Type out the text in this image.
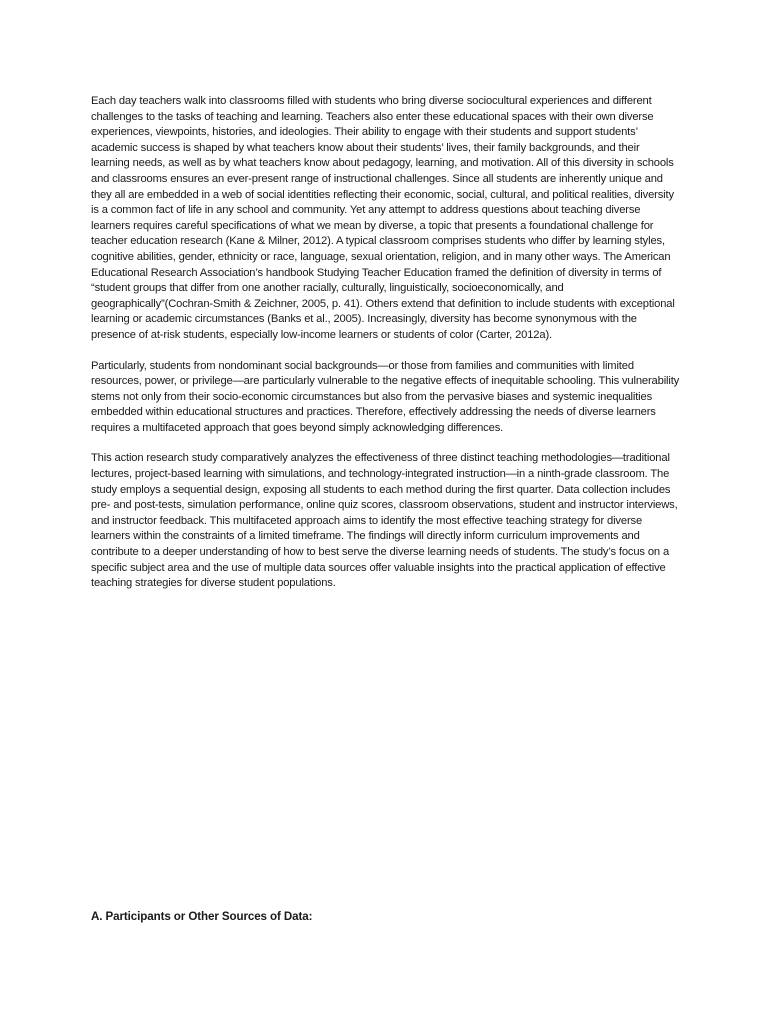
Each day teachers walk into classrooms filled with students who bring diverse sociocultural experiences and different challenges to the tasks of teaching and learning. Teachers also enter these educational spaces with their own diverse experiences, viewpoints, histories, and ideologies. Their ability to engage with their students and support students’ academic success is shaped by what teachers know about their students’ lives, their family backgrounds, and their learning needs, as well as by what teachers know about pedagogy, learning, and motivation. All of this diversity in schools and classrooms ensures an ever-present range of instructional challenges. Since all students are inherently unique and they all are embedded in a web of social identities reflecting their economic, social, cultural, and political realities, diversity is a common fact of life in any school and community. Yet any attempt to address questions about teaching diverse learners requires careful specifications of what we mean by diverse, a topic that presents a foundational challenge for teacher education research (Kane & Milner, 2012). A typical classroom comprises students who differ by learning styles, cognitive abilities, gender, ethnicity or race, language, sexual orientation, religion, and in many other ways. The American Educational Research Association’s handbook Studying Teacher Education framed the definition of diversity in terms of “student groups that differ from one another racially, culturally, linguistically, socioeconomically, and geographically”(Cochran-Smith & Zeichner, 2005, p. 41). Others extend that definition to include students with exceptional learning or academic circumstances (Banks et al., 2005). Increasingly, diversity has become synonymous with the presence of at-risk students, especially low-income learners or students of color (Carter, 2012a).

Particularly, students from nondominant social backgrounds—or those from families and communities with limited resources, power, or privilege—are particularly vulnerable to the negative effects of inequitable schooling. This vulnerability stems not only from their socio-economic circumstances but also from the pervasive biases and systemic inequalities embedded within educational structures and practices. Therefore, effectively addressing the needs of diverse learners requires a multifaceted approach that goes beyond simply acknowledging differences.

This action research study comparatively analyzes the effectiveness of three distinct teaching methodologies—traditional lectures, project-based learning with simulations, and technology-integrated instruction—in a ninth-grade classroom. The study employs a sequential design, exposing all students to each method during the first quarter. Data collection includes pre- and post-tests, simulation performance, online quiz scores, classroom observations, student and instructor interviews, and instructor feedback. This multifaceted approach aims to identify the most effective teaching strategy for diverse learners within the constraints of a limited timeframe. The findings will directly inform curriculum improvements and contribute to a deeper understanding of how to best serve the diverse learning needs of students. The study’s focus on a specific subject area and the use of multiple data sources offer valuable insights into the practical application of effective teaching strategies for diverse student populations.

A. Participants or Other Sources of Data:
